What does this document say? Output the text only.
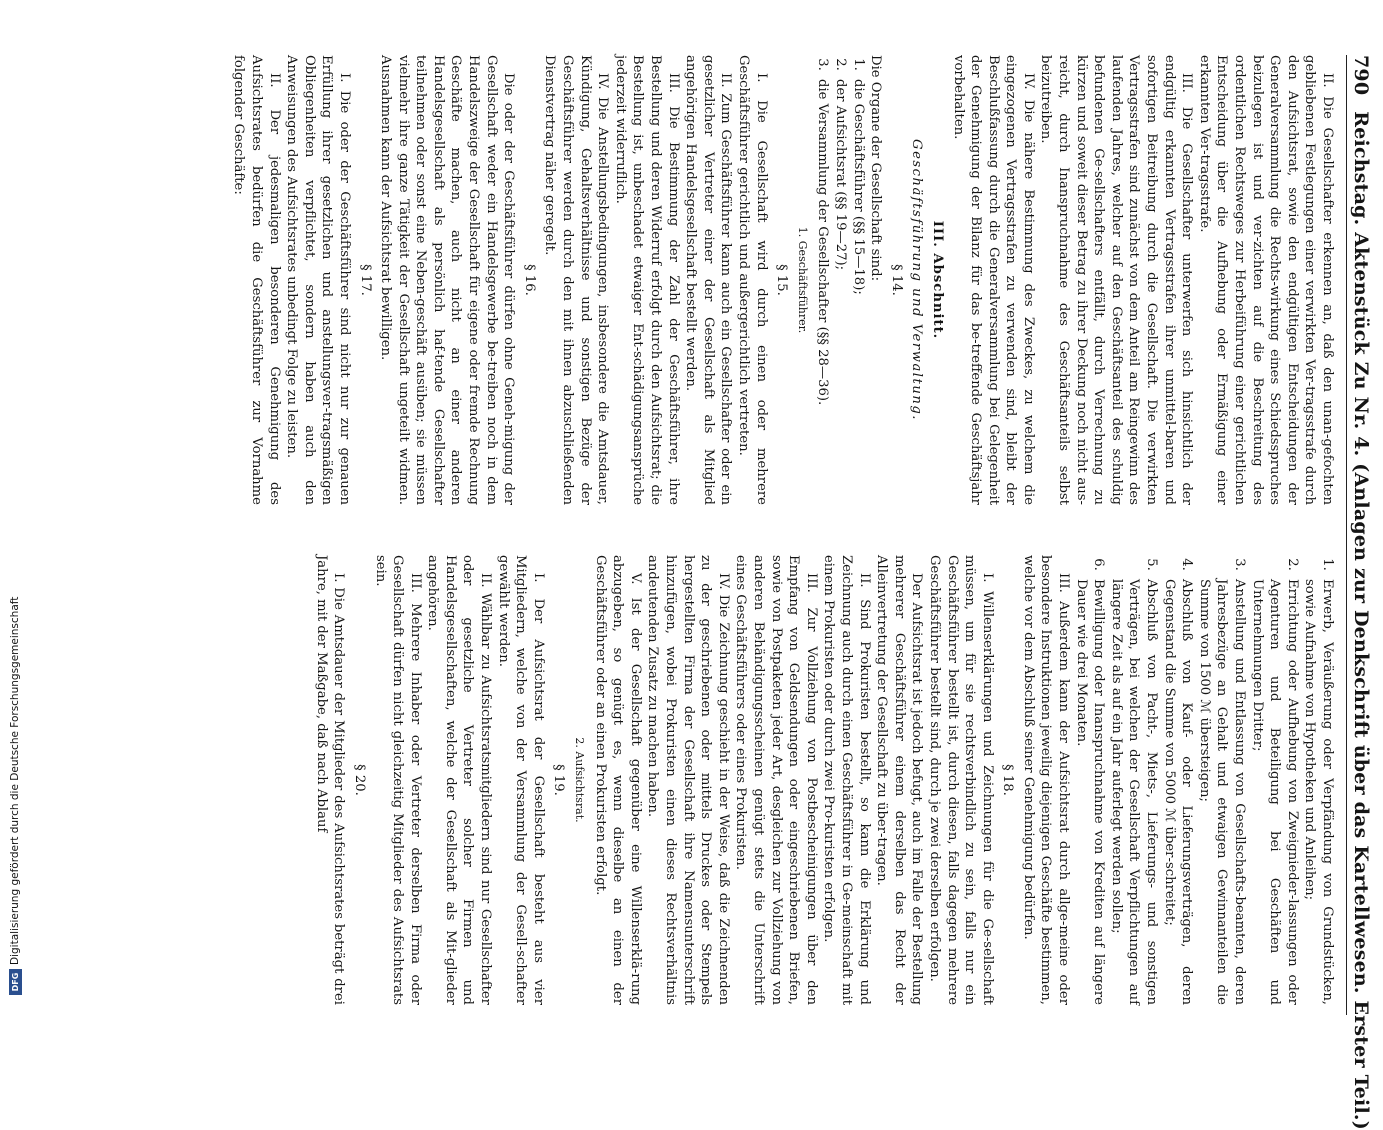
790
Reichstag. Aktenstück Zu Nr. 4. (Anlagen zur Denkschrift über das Kartellwesen. Erster Teil.)

II. Die Gesellschafter erkennen an, daß den unan-gefochten gebliebenen Festlegungen einer verwirkten Ver-tragsstrafe durch den Aufsichtsrat, sowie den endgültigen Entscheidungen der Generalversammlung die Rechts-wirkung eines Schiedsspruches beizulegen ist und ver-zichten auf die Beschreitung des ordentlichen Rechtsweges zur Herbeiführung einer gerichtlichen Entscheidung über die Aufhebung oder Ermäßigung einer erkannten Ver-tragsstrafe.

III. Die Gesellschafter unterwerfen sich hinsichtlich der endgültig erkannten Vertragsstrafen ihrer unmittel-baren und sofortigen Beitreibung durch die Gesellschaft. Die verwirkten Vertragsstrafen sind zunächst von dem Anteil am Reingewinn des laufenden Jahres, welcher auf den Geschäftsanteil des schuldig befundenen Ge-sellschafters entfällt, durch Verrechnung zu kürzen und soweit dieser Betrag zu ihrer Deckung noch nicht aus-reicht, durch Inanspruchnahme des Geschäftsanteils selbst beizutreiben.

IV. Die nähere Bestimmung des Zweckes, zu welchem die eingezogenen Vertragsstrafen zu verwenden sind, bleibt der Beschlußfassung durch die Generalversammlung bei Gelegenheit der Genehmigung der Bilanz für das be-treffende Geschäftsjahr vorbehalten.

III. Abschnitt.
Geschäftsführung und Verwaltung.
§ 14.

Die Organe der Gesellschaft sind:

1. die Geschäftsführer (§§ 15—18);
2. der Aufsichtsrat (§§ 19—27);
3. die Versammlung der Gesellschafter (§§ 28—36).
1. Geschäftsführer.
§ 15.

I. Die Gesellschaft wird durch einen oder mehrere Geschäftsführer gerichtlich und außergerichtlich vertreten.

II. Zum Geschäftsführer kann auch ein Gesellschafter oder ein gesetzlicher Vertreter einer der Gesellschaft als Mitglied angehörigen Handelsgesellschaft bestellt werden.

III. Die Bestimmung der Zahl der Geschäftsführer, ihre Bestellung und deren Widerruf erfolgt durch den Aufsichtsrat; die Bestellung ist, unbeschadet etwaiger Ent-schädigungsansprüche jederzeit widerruflich.

IV. Die Anstellungsbedingungen, insbesondere die Amtsdauer, Kündigung, Gehaltsverhältnisse und sonstigen Bezüge der Geschäftsführer werden durch den mit ihnen abzuschließenden Dienstvertrag näher geregelt.

§ 16.

Die oder der Geschäftsführer dürfen ohne Geneh-migung der Gesellschaft weder ein Handelsgewerbe be-treiben noch in dem Handelszweige der Gesellschaft für eigene oder fremde Rechnung Geschäfte machen, auch nicht an einer anderen Handelsgesellschaft als persönlich haf-tende Gesellschafter teilnehmen oder sonst eine Neben-geschäft ausüben; sie müssen vielmehr ihre ganze Tätigkeit der Gesellschaft ungeteilt widmen. Ausnahmen kann der Aufsichtsrat bewilligen.

§ 17.

I. Die oder der Geschäftsführer sind nicht nur zur genauen Erfüllung ihrer gesetzlichen und anstellungsver-tragsmäßigen Obliegenheiten verpflichtet, sondern haben auch den Anweisungen des Aufsichtsrates unbedingt Folge zu leisten.

II. Der jedesmaligen besonderen Genehmigung des Aufsichtsrates bedürfen die Geschäftsführer zur Vornahme folgender Geschäfte:

1. Erwerb, Veräußerung oder Verpfändung von Grundstücken, sowie Aufnahme von Hypotheken und Anleihen;
2. Errichtung oder Aufhebung von Zweignieder-lassungen oder Agenturen und Beteiligung bei Geschäften und Unternehmungen Dritter;
3. Anstellung und Entlassung von Gesellschafts-beamten, deren Jahresbezüge an Gehalt und etwaigen Gewinnanteilen die Summe von 1500 ℳ übersteigen;
4. Abschluß von Kauf- oder Lieferungsverträgen, deren Gegenstand die Summe von 5000 ℳ über-schreitet;
5. Abschluß von Pacht-, Miets-, Lieferungs- und sonstigen Verträgen, bei welchen der Gesellschaft Verpflichtungen auf längere Zeit als auf ein Jahr auferlegt werden sollen;
6. Bewilligung oder Inanspruchnahme von Krediten auf längere Dauer wie drei Monaten.

III. Außerdem kann der Aufsichtsrat durch allge-meine oder besondere Instruktionen jeweilig diejenigen Geschäfte bestimmen, welche vor dem Abschluß seiner Genehmigung bedürfen.

§ 18.

I. Willenserklärungen und Zeichnungen für die Ge-sellschaft müssen, um für sie rechtsverbindlich zu sein, falls nur ein Geschäftsführer bestellt ist, durch diesen, falls dagegen mehrere Geschäftsführer bestellt sind, durch je zwei derselben erfolgen.

Der Aufsichtsrat ist jedoch befugt, auch im Falle der Bestellung mehrerer Geschäftsführer einem derselben das Recht der Alleinvertretung der Gesellschaft zu über-tragen.

II. Sind Prokuristen bestellt, so kann die Erklärung und Zeichnung auch durch einen Geschäftsführer in Ge-meinschaft mit einem Prokuristen oder durch zwei Pro-kuristen erfolgen.

III. Zur Vollziehung von Postbescheinigungen über den Empfang von Geldsendungen oder eingeschriebenen Briefen, sowie von Postpaketen jeder Art, desgleichen zur Vollziehung von anderen Behändigungsscheinen genügt stets die Unterschrift eines Geschäftsführers oder eines Prokuristen.

IV. Die Zeichnung geschieht in der Weise, daß die Zeichnenden zu der geschriebenen oder mittels Druckes oder Stempels hergestellten Firma der Gesellschaft ihre Namensunterschrift hinzufügen, wobei Prokuristen einen dieses Rechtsverhältnis andeutenden Zusatz zu machen haben.

V. Ist der Gesellschaft gegenüber eine Willenserklä-rung abzugeben, so genügt es, wenn dieselbe an einen der Geschäftsführer oder an einen Prokuristen erfolgt.

2. Aufsichtsrat.
§ 19.

I. Der Aufsichtsrat der Gesellschaft besteht aus vier Mitgliedern, welche von der Versammlung der Gesell-schafter gewählt werden.

II. Wählbar zu Aufsichtsratsmitgliedern sind nur Gesellschafter oder gesetzliche Vertreter solcher Firmen und Handelsgesellschaften, welche der Gesellschaft als Mit-glieder angehören.

III. Mehrere Inhaber oder Vertreter derselben Firma oder Gesellschaft dürfen nicht gleichzeitig Mitglieder des Aufsichtsrats sein.

§ 20.

I. Die Amtsdauer der Mitglieder des Aufsichtsrates beträgt drei Jahre, mit der Maßgabe, daß nach Ablauf

DFG
Digitalisierung gefördert durch die Deutsche Forschungsgemeinschaft
